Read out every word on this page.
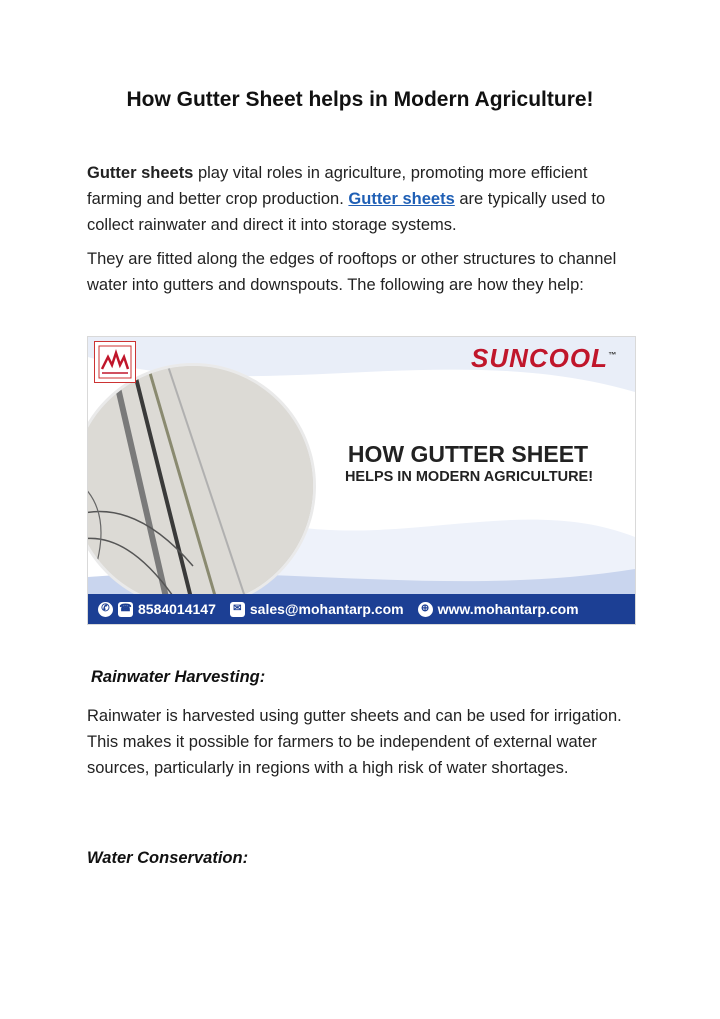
How Gutter Sheet helps in Modern Agriculture!

Gutter sheets play vital roles in agriculture, promoting more efficient farming and better crop production. Gutter sheets are typically used to collect rainwater and direct it into storage systems.

They are fitted along the edges of rooftops or other structures to channel water into gutters and downspouts. The following are how they help:

SUNCOOL™
HOW GUTTER SHEET
HELPS IN MODERN AGRICULTURE!
✆ ☎ 8584014147	✉ sales@mohantarp.com	⊕ www.mohantarp.com
Rainwater Harvesting:

Rainwater is harvested using gutter sheets and can be used for irrigation. This makes it possible for farmers to be independent of external water sources, particularly in regions with a high risk of water shortages.

Water Conservation:
